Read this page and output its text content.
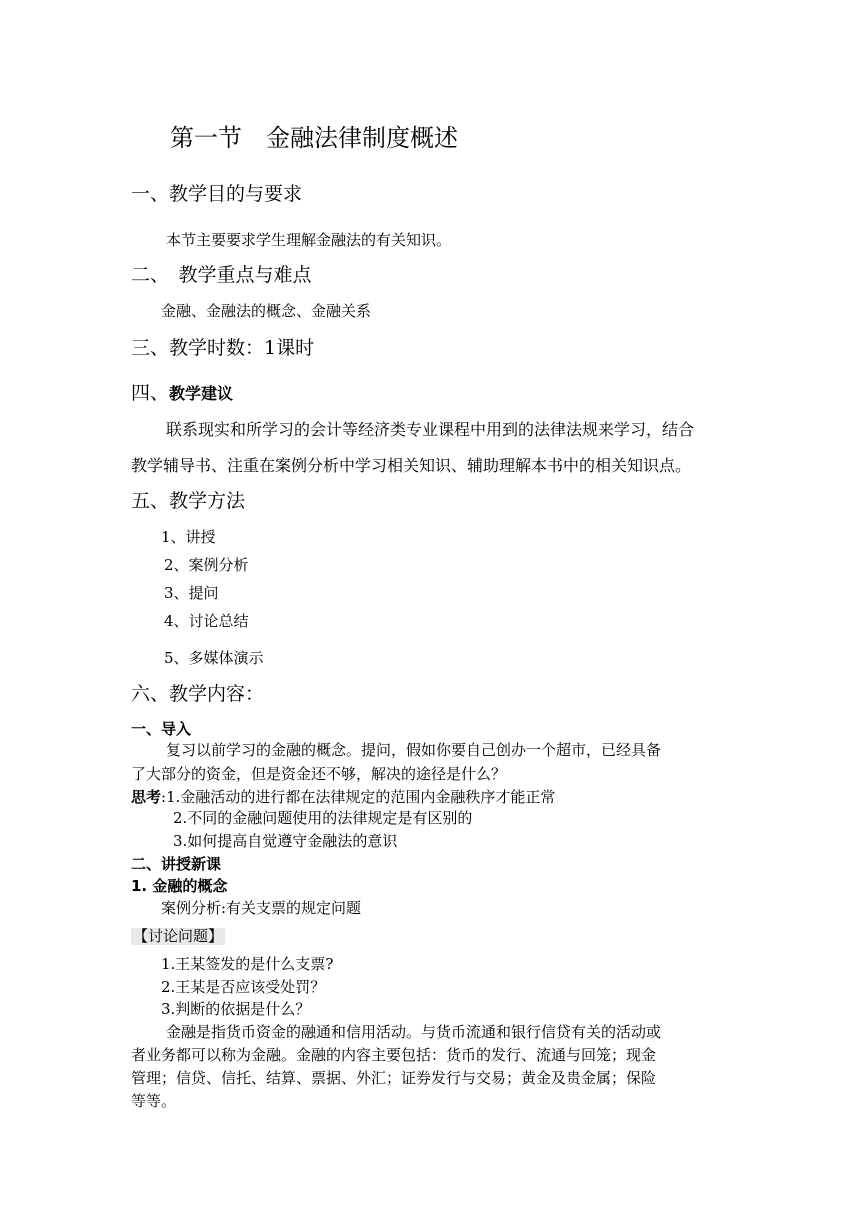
第一节　金融法律制度概述
一、教学目的与要求
本节主要要求学生理解金融法的有关知识。
二、　教学重点与难点
金融、金融法的概念、金融关系
三、教学时数：1课时
四、教学建议
联系现实和所学习的会计等经济类专业课程中用到的法律法规来学习，结合
教学辅导书、注重在案例分析中学习相关知识、辅助理解本书中的相关知识点。
五、教学方法
1、讲授
2、案例分析
3、提问
4、讨论总结
5、多媒体演示
六、教学内容：
一、导入
复习以前学习的金融的概念。提问，假如你要自己创办一个超市，已经具备
了大部分的资金，但是资金还不够，解决的途径是什么？
思考:1.金融活动的进行都在法律规定的范围内金融秩序才能正常
2.不同的金融问题使用的法律规定是有区别的
3.如何提高自觉遵守金融法的意识
二、讲授新课
1. 金融的概念
案例分析:有关支票的规定问题
【讨论问题】
1.王某签发的是什么支票?
2.王某是否应该受处罚？
3.判断的依据是什么？
金融是指货币资金的融通和信用活动。与货币流通和银行信贷有关的活动或
者业务都可以称为金融。金融的内容主要包括：货币的发行、流通与回笼；现金
管理；信贷、信托、结算、票据、外汇；证券发行与交易；黄金及贵金属；保险
等等。
